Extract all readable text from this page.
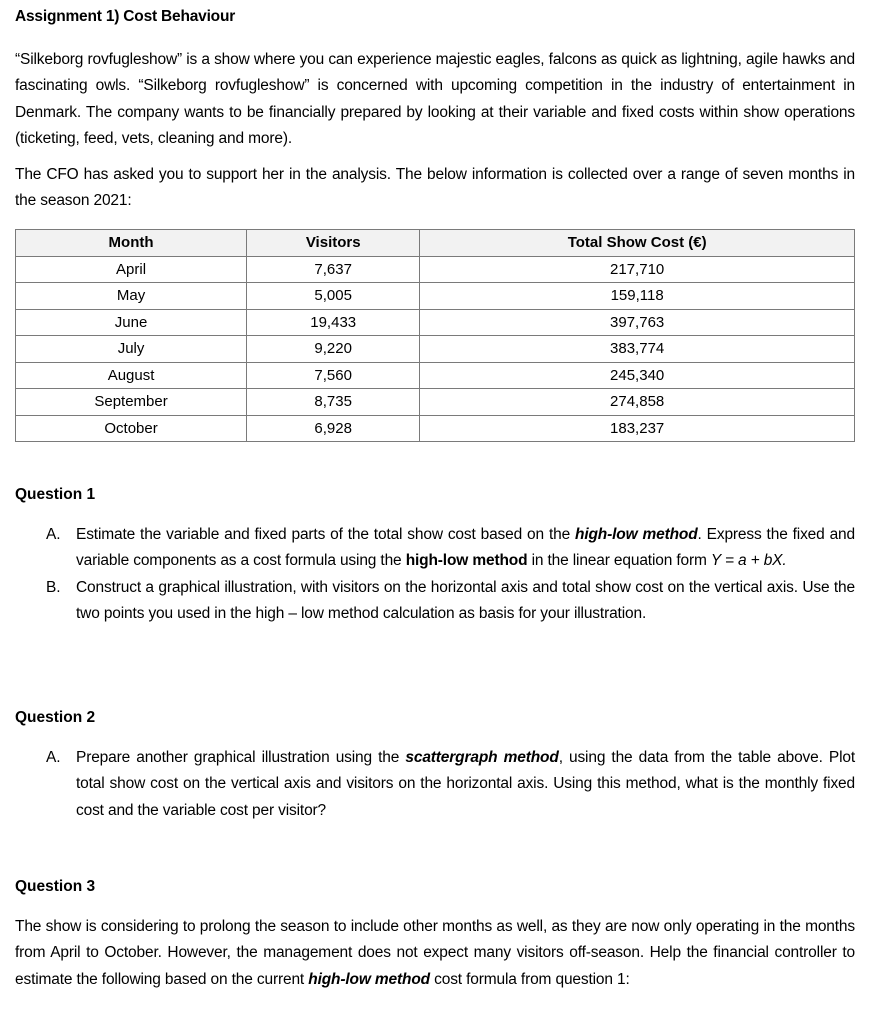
Assignment 1) Cost Behaviour
“Silkeborg rovfugleshow” is a show where you can experience majestic eagles, falcons as quick as lightning, agile hawks and fascinating owls. “Silkeborg rovfugleshow” is concerned with upcoming competition in the industry of entertainment in Denmark. The company wants to be financially prepared by looking at their variable and fixed costs within show operations (ticketing, feed, vets, cleaning and more).
The CFO has asked you to support her in the analysis. The below information is collected over a range of seven months in the season 2021:
Month	Visitors	Total Show Cost (€)
April	7,637	217,710
May	5,005	159,118
June	19,433	397,763
July	9,220	383,774
August	7,560	245,340
September	8,735	274,858
October	6,928	183,237
Question 1
A.	Estimate the variable and fixed parts of the total show cost based on the high-low method. Express the fixed and variable components as a cost formula using the high-low method in the linear equation form Y = a + bX.
B.	Construct a graphical illustration, with visitors on the horizontal axis and total show cost on the vertical axis. Use the two points you used in the high – low method calculation as basis for your illustration.
Question 2
A.	Prepare another graphical illustration using the scattergraph method, using the data from the table above. Plot total show cost on the vertical axis and visitors on the horizontal axis. Using this method, what is the monthly fixed cost and the variable cost per visitor?
Question 3
The show is considering to prolong the season to include other months as well, as they are now only operating in the months from April to October. However, the management does not expect many visitors off-season. Help the financial controller to estimate the following based on the current high-low method cost formula from question 1:
